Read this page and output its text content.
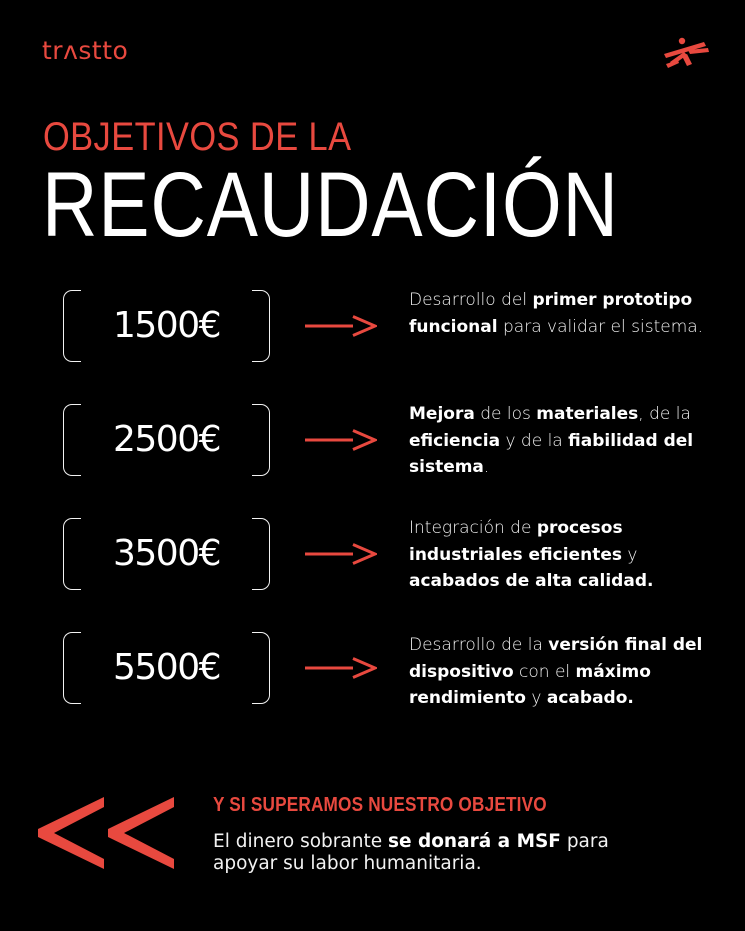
trʌstto
OBJETIVOS DE LA
RECAUDACIÓN
1500€
Desarrollo del primer prototipo funcional para validar el sistema.
2500€
Mejora de los materiales, de la eficiencia y de la fiabilidad del sistema.
3500€
Integración de procesos industriales eficientes y acabados de alta calidad.
5500€
Desarrollo de la versión final del dispositivo con el máximo rendimiento y acabado.
Y SI SUPERAMOS NUESTRO OBJETIVO
El dinero sobrante se donará a MSF para apoyar su labor humanitaria.
